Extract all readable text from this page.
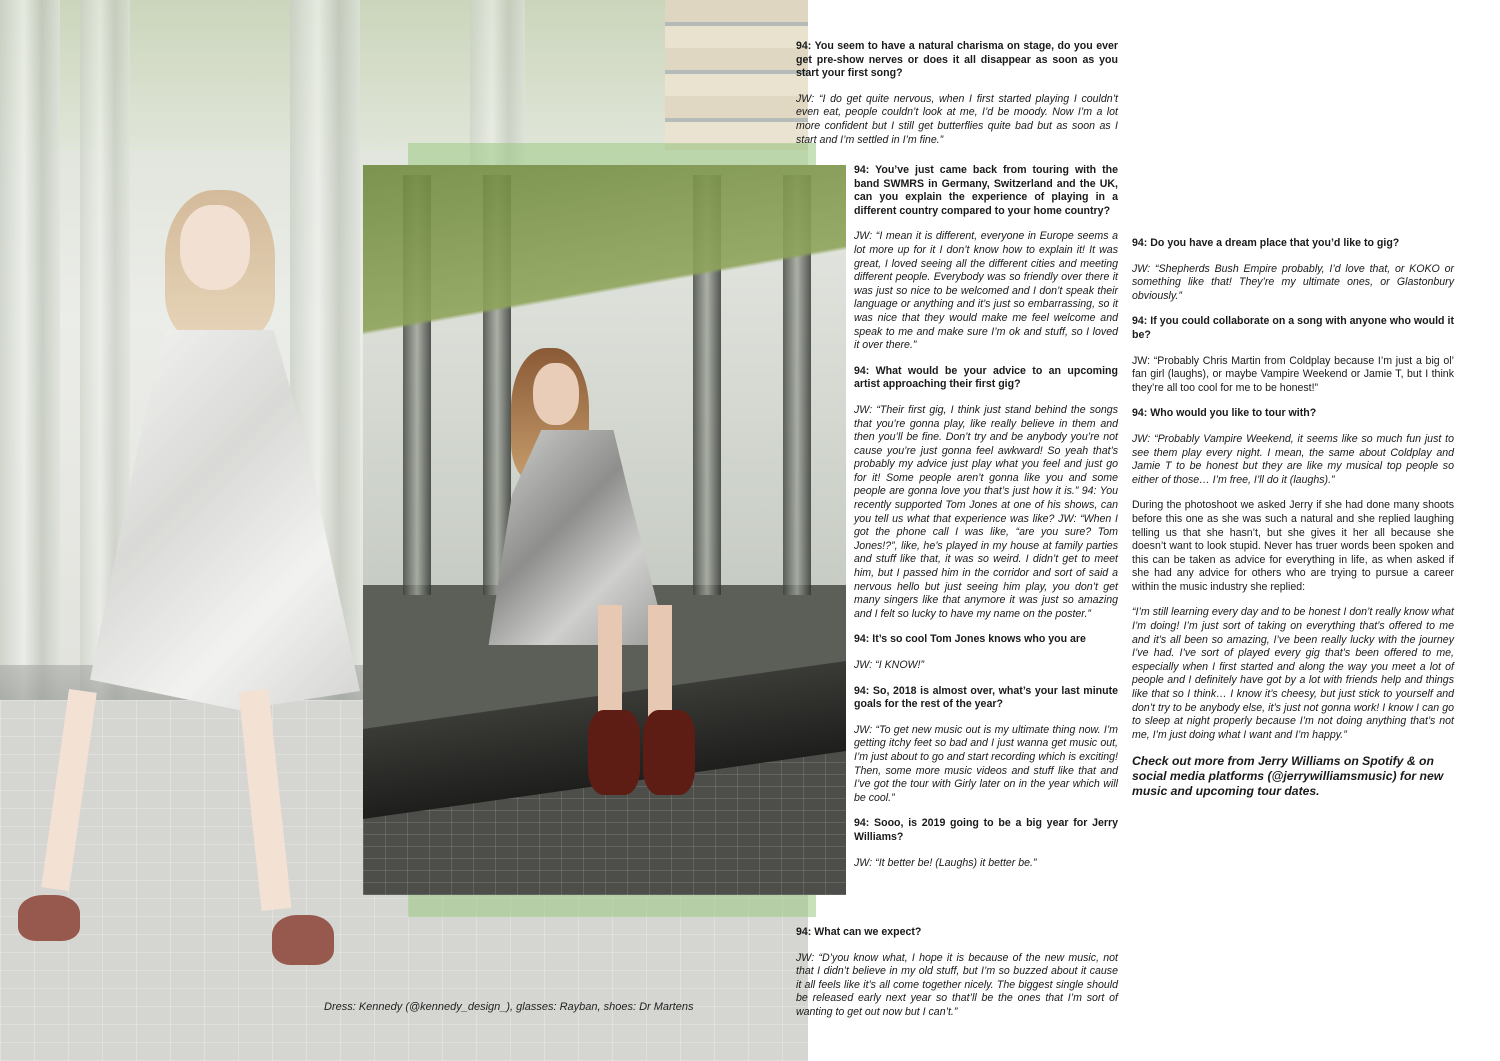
Dress: Kennedy (@kennedy_design_), glasses: Rayban, shoes: Dr Martens

94: You seem to have a natural charisma on stage, do you ever get pre-show nerves or does it all disappear as soon as you start your first song?

JW: “I do get quite nervous, when I first started playing I couldn’t even eat, people couldn’t look at me, I’d be moody. Now I’m a lot more confident but I still get butterflies quite bad but as soon as I start and I’m settled in I’m fine.”

94: You’ve just came back from touring with the band SWMRS in Germany, Switzerland and the UK, can you explain the experience of playing in a different country compared to your home country?

JW: “I mean it is different, everyone in Europe seems a lot more up for it I don’t know how to explain it! It was great, I loved seeing all the different cities and meeting different people. Everybody was so friendly over there it was just so nice to be welcomed and I don’t speak their language or anything and it’s just so embarrassing, so it was nice that they would make me feel welcome and speak to me and make sure I’m ok and stuff, so I loved it over there.”

94: What would be your advice to an upcoming artist approaching their first gig?

JW: “Their first gig, I think just stand behind the songs that you’re gonna play, like really believe in them and then you’ll be fine. Don’t try and be anybody you’re not cause you’re just gonna feel awkward! So yeah that’s probably my advice just play what you feel and just go for it! Some people aren’t gonna like you and some people are gonna love you that’s just how it is.” 94: You recently supported Tom Jones at one of his shows, can you tell us what that experience was like? JW: “When I got the phone call I was like, “are you sure? Tom Jones!?”, like, he’s played in my house at family parties and stuff like that, it was so weird. I didn’t get to meet him, but I passed him in the corridor and sort of said a nervous hello but just seeing him play, you don’t get many singers like that anymore it was just so amazing and I felt so lucky to have my name on the poster.”

94: It’s so cool Tom Jones knows who you are

JW: “I KNOW!”

94: So, 2018 is almost over, what’s your last minute goals for the rest of the year?

JW: “To get new music out is my ultimate thing now. I’m getting itchy feet so bad and I just wanna get music out, I’m just about to go and start recording which is exciting! Then, some more music videos and stuff like that and I’ve got the tour with Girly later on in the year which will be cool.”

94: Sooo, is 2019 going to be a big year for Jerry Williams?

JW: “It better be! (Laughs) it better be.”

94: What can we expect?

JW: “D’you know what, I hope it is because of the new music, not that I didn’t believe in my old stuff, but I’m so buzzed about it cause it all feels like it’s all come together nicely. The biggest single should be released early next year so that’ll be the ones that I’m sort of wanting to get out now but I can’t.”

94: Do you have a dream place that you’d like to gig?

JW: “Shepherds Bush Empire probably, I’d love that, or KOKO or something like that! They’re my ultimate ones, or Glastonbury obviously.”

94: If you could collaborate on a song with anyone who would it be?

JW: “Probably Chris Martin from Coldplay because I’m just a big ol’ fan girl (laughs), or maybe Vampire Weekend or Jamie T, but I think they’re all too cool for me to be honest!”

94: Who would you like to tour with?

JW: “Probably Vampire Weekend, it seems like so much fun just to see them play every night. I mean, the same about Coldplay and Jamie T to be honest but they are like my musical top people so either of those… I’m free, I’ll do it (laughs).”

During the photoshoot we asked Jerry if she had done many shoots before this one as she was such a natural and she replied laughing telling us that she hasn’t, but she gives it her all because she doesn’t want to look stupid. Never has truer words been spoken and this can be taken as advice for everything in life, as when asked if she had any advice for others who are trying to pursue a career within the music industry she replied:

“I’m still learning every day and to be honest I don’t really know what I’m doing! I’m just sort of taking on everything that’s offered to me and it’s all been so amazing, I’ve been really lucky with the journey I’ve had. I’ve sort of played every gig that’s been offered to me, especially when I first started and along the way you meet a lot of people and I definitely have got by a lot with friends help and things like that so I think… I know it’s cheesy, but just stick to yourself and don’t try to be anybody else, it’s just not gonna work! I know I can go to sleep at night properly because I’m not doing anything that’s not me, I’m just doing what I want and I’m happy.”

Check out more from Jerry Williams on Spotify & on social media platforms (@jerrywilliamsmusic) for new music and upcoming tour dates.
